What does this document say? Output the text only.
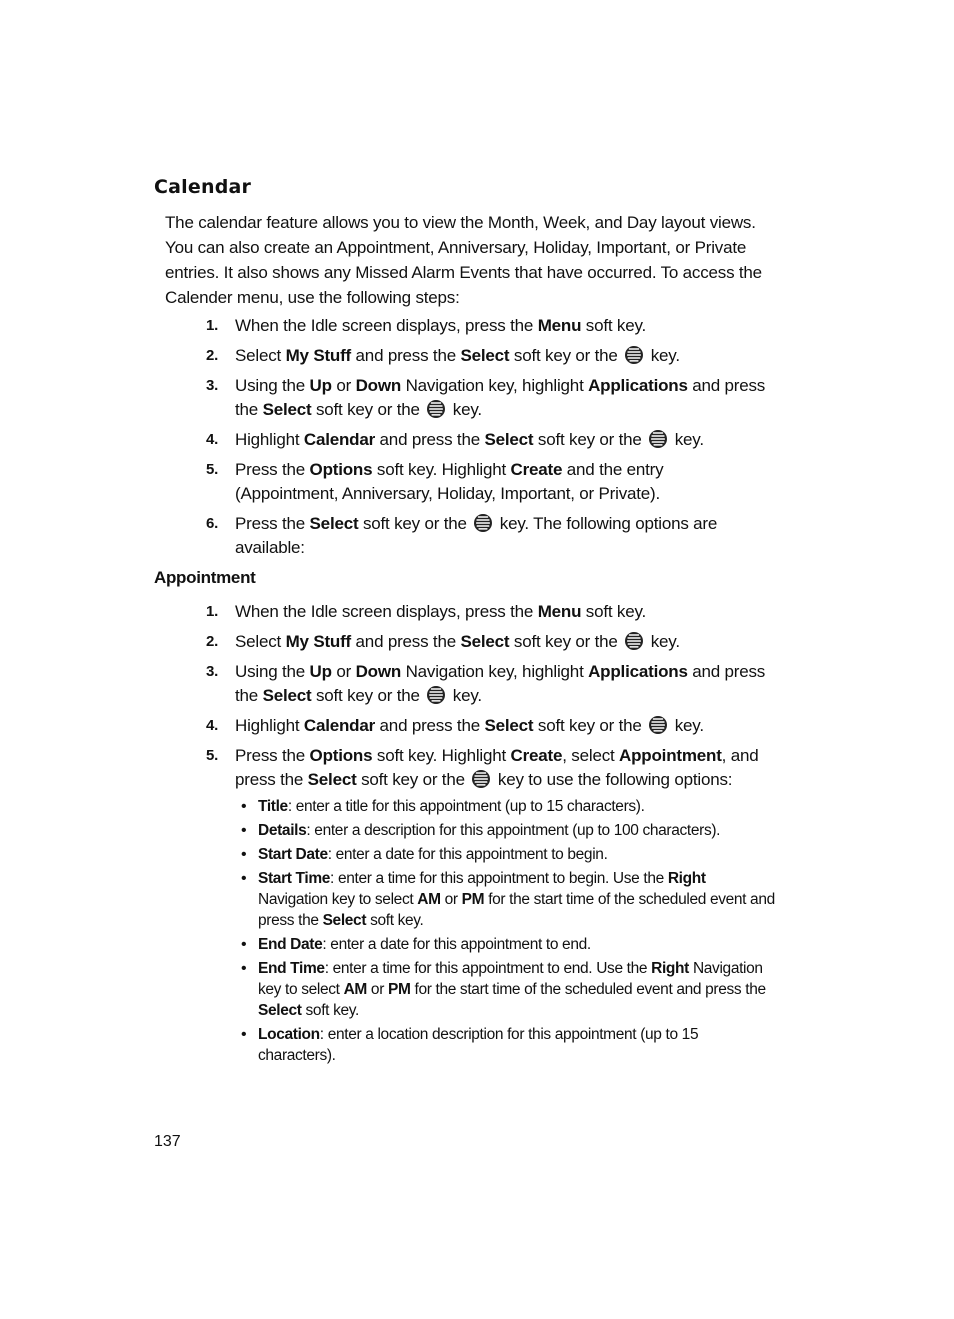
Calendar

The calendar feature allows you to view the Month, Week, and Day layout views. You can also create an Appointment, Anniversary, Holiday, Important, or Private entries. It also shows any Missed Alarm Events that have occurred. To access the Calender menu, use the following steps:

1. When the Idle screen displays, press the Menu soft key.
2. Select My Stuff and press the Select soft key or the  key.
3. Using the Up or Down Navigation key, highlight Applications and press the Select soft key or the  key.
4. Highlight Calendar and press the Select soft key or the  key.
5. Press the Options soft key. Highlight Create and the entry (Appointment, Anniversary, Holiday, Important, or Private).
6. Press the Select soft key or the  key. The following options are available:
Appointment
1. When the Idle screen displays, press the Menu soft key.
2. Select My Stuff and press the Select soft key or the  key.
3. Using the Up or Down Navigation key, highlight Applications and press the Select soft key or the  key.
4. Highlight Calendar and press the Select soft key or the  key.
5. Press the Options soft key. Highlight Create, select Appointment, and press the Select soft key or the  key to use the following options:
• Title: enter a title for this appointment (up to 15 characters).
• Details: enter a description for this appointment (up to 100 characters).
• Start Date: enter a date for this appointment to begin.
• Start Time: enter a time for this appointment to begin. Use the Right Navigation key to select AM or PM for the start time of the scheduled event and press the Select soft key.
• End Date: enter a date for this appointment to end.
• End Time: enter a time for this appointment to end. Use the Right Navigation key to select AM or PM for the start time of the scheduled event and press the Select soft key.
• Location: enter a location description for this appointment (up to 15 characters).
137
